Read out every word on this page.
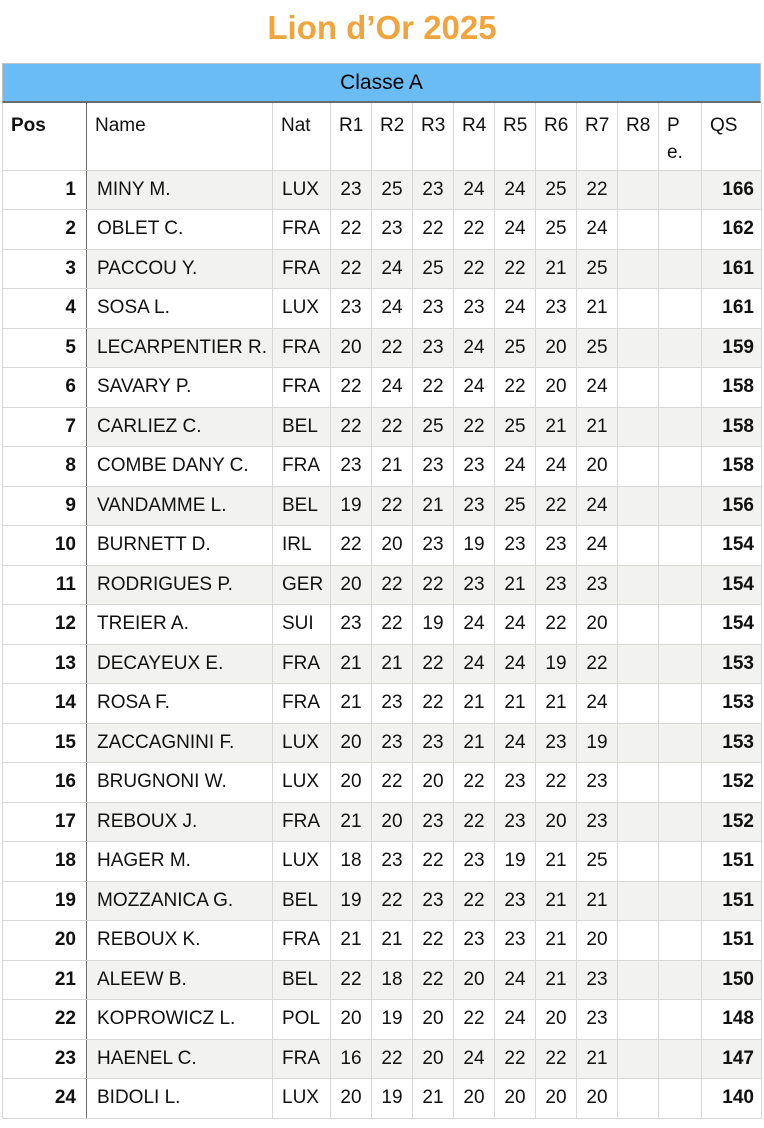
Lion d’Or 2025
Classe A
Pos	Name	Nat	R1	R2	R3	R4	R5	R6	R7	R8	Pe.	QS
1	MINY M.	LUX	23	25	23	24	24	25	22			166
2	OBLET C.	FRA	22	23	22	22	24	25	24			162
3	PACCOU Y.	FRA	22	24	25	22	22	21	25			161
4	SOSA L.	LUX	23	24	23	23	24	23	21			161
5	LECARPENTIER R.	FRA	20	22	23	24	25	20	25			159
6	SAVARY P.	FRA	22	24	22	24	22	20	24			158
7	CARLIEZ C.	BEL	22	22	25	22	25	21	21			158
8	COMBE DANY C.	FRA	23	21	23	23	24	24	20			158
9	VANDAMME L.	BEL	19	22	21	23	25	22	24			156
10	BURNETT D.	IRL	22	20	23	19	23	23	24			154
11	RODRIGUES P.	GER	20	22	22	23	21	23	23			154
12	TREIER A.	SUI	23	22	19	24	24	22	20			154
13	DECAYEUX E.	FRA	21	21	22	24	24	19	22			153
14	ROSA F.	FRA	21	23	22	21	21	21	24			153
15	ZACCAGNINI F.	LUX	20	23	23	21	24	23	19			153
16	BRUGNONI W.	LUX	20	22	20	22	23	22	23			152
17	REBOUX J.	FRA	21	20	23	22	23	20	23			152
18	HAGER M.	LUX	18	23	22	23	19	21	25			151
19	MOZZANICA G.	BEL	19	22	23	22	23	21	21			151
20	REBOUX K.	FRA	21	21	22	23	23	21	20			151
21	ALEEW B.	BEL	22	18	22	20	24	21	23			150
22	KOPROWICZ L.	POL	20	19	20	22	24	20	23			148
23	HAENEL C.	FRA	16	22	20	24	22	22	21			147
24	BIDOLI L.	LUX	20	19	21	20	20	20	20			140
